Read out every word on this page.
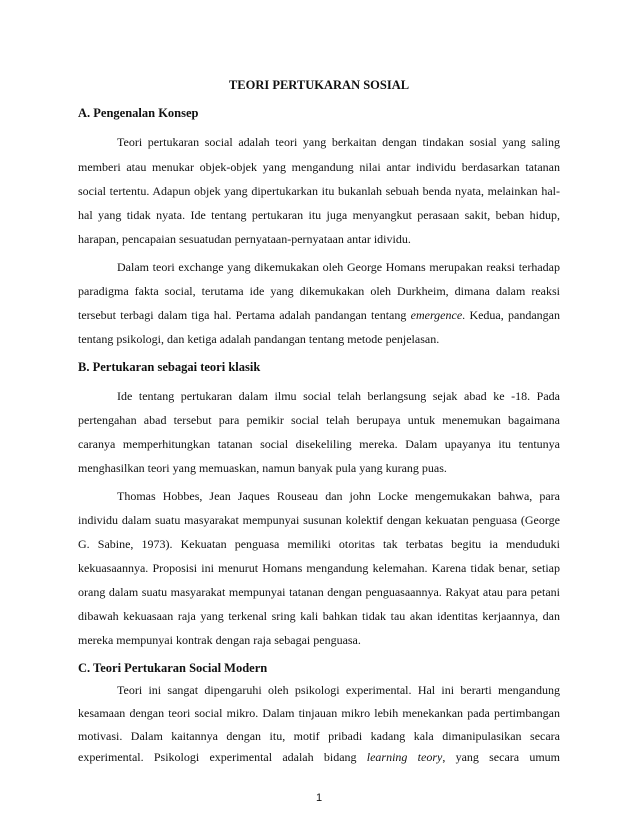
TEORI PERTUKARAN SOSIAL
A. Pengenalan Konsep
Teori pertukaran social adalah teori yang berkaitan dengan tindakan sosial yang saling
memberi atau menukar objek-objek yang mengandung nilai antar individu berdasarkan tatanan
social tertentu. Adapun objek yang dipertukarkan itu bukanlah sebuah benda nyata, melainkan hal-
hal yang tidak nyata. Ide tentang pertukaran itu juga menyangkut perasaan sakit, beban hidup,
harapan, pencapaian sesuatudan pernyataan-pernyataan antar idividu.
Dalam teori exchange yang dikemukakan oleh George Homans merupakan reaksi terhadap
paradigma fakta social, terutama ide yang dikemukakan oleh Durkheim, dimana dalam reaksi
tersebut terbagi dalam tiga hal. Pertama adalah pandangan tentang emergence. Kedua, pandangan
tentang psikologi, dan ketiga adalah pandangan tentang metode penjelasan.
B. Pertukaran sebagai teori klasik
Ide tentang pertukaran dalam ilmu social telah berlangsung sejak abad ke -18. Pada
pertengahan abad tersebut para pemikir social telah berupaya untuk menemukan bagaimana
caranya memperhitungkan tatanan social disekeliling mereka. Dalam upayanya itu tentunya
menghasilkan teori yang memuaskan, namun banyak pula yang kurang puas.
Thomas Hobbes, Jean Jaques Rouseau dan john Locke mengemukakan bahwa, para
individu dalam suatu masyarakat mempunyai susunan kolektif dengan kekuatan penguasa (George
G. Sabine, 1973). Kekuatan penguasa memiliki otoritas tak terbatas begitu ia menduduki
kekuasaannya. Proposisi ini menurut Homans mengandung kelemahan. Karena tidak benar, setiap
orang dalam suatu masyarakat mempunyai tatanan dengan penguasaannya. Rakyat atau para petani
dibawah kekuasaan raja yang terkenal sring kali bahkan tidak tau akan identitas kerjaannya, dan
mereka mempunyai kontrak dengan raja sebagai penguasa.
C. Teori Pertukaran Social Modern
Teori ini sangat dipengaruhi oleh psikologi experimental. Hal ini berarti mengandung
kesamaan dengan teori social mikro. Dalam tinjauan mikro lebih menekankan pada pertimbangan
motivasi. Dalam kaitannya dengan itu, motif pribadi kadang kala dimanipulasikan secara
experimental. Psikologi experimental adalah bidang learning teory, yang secara umum
1
